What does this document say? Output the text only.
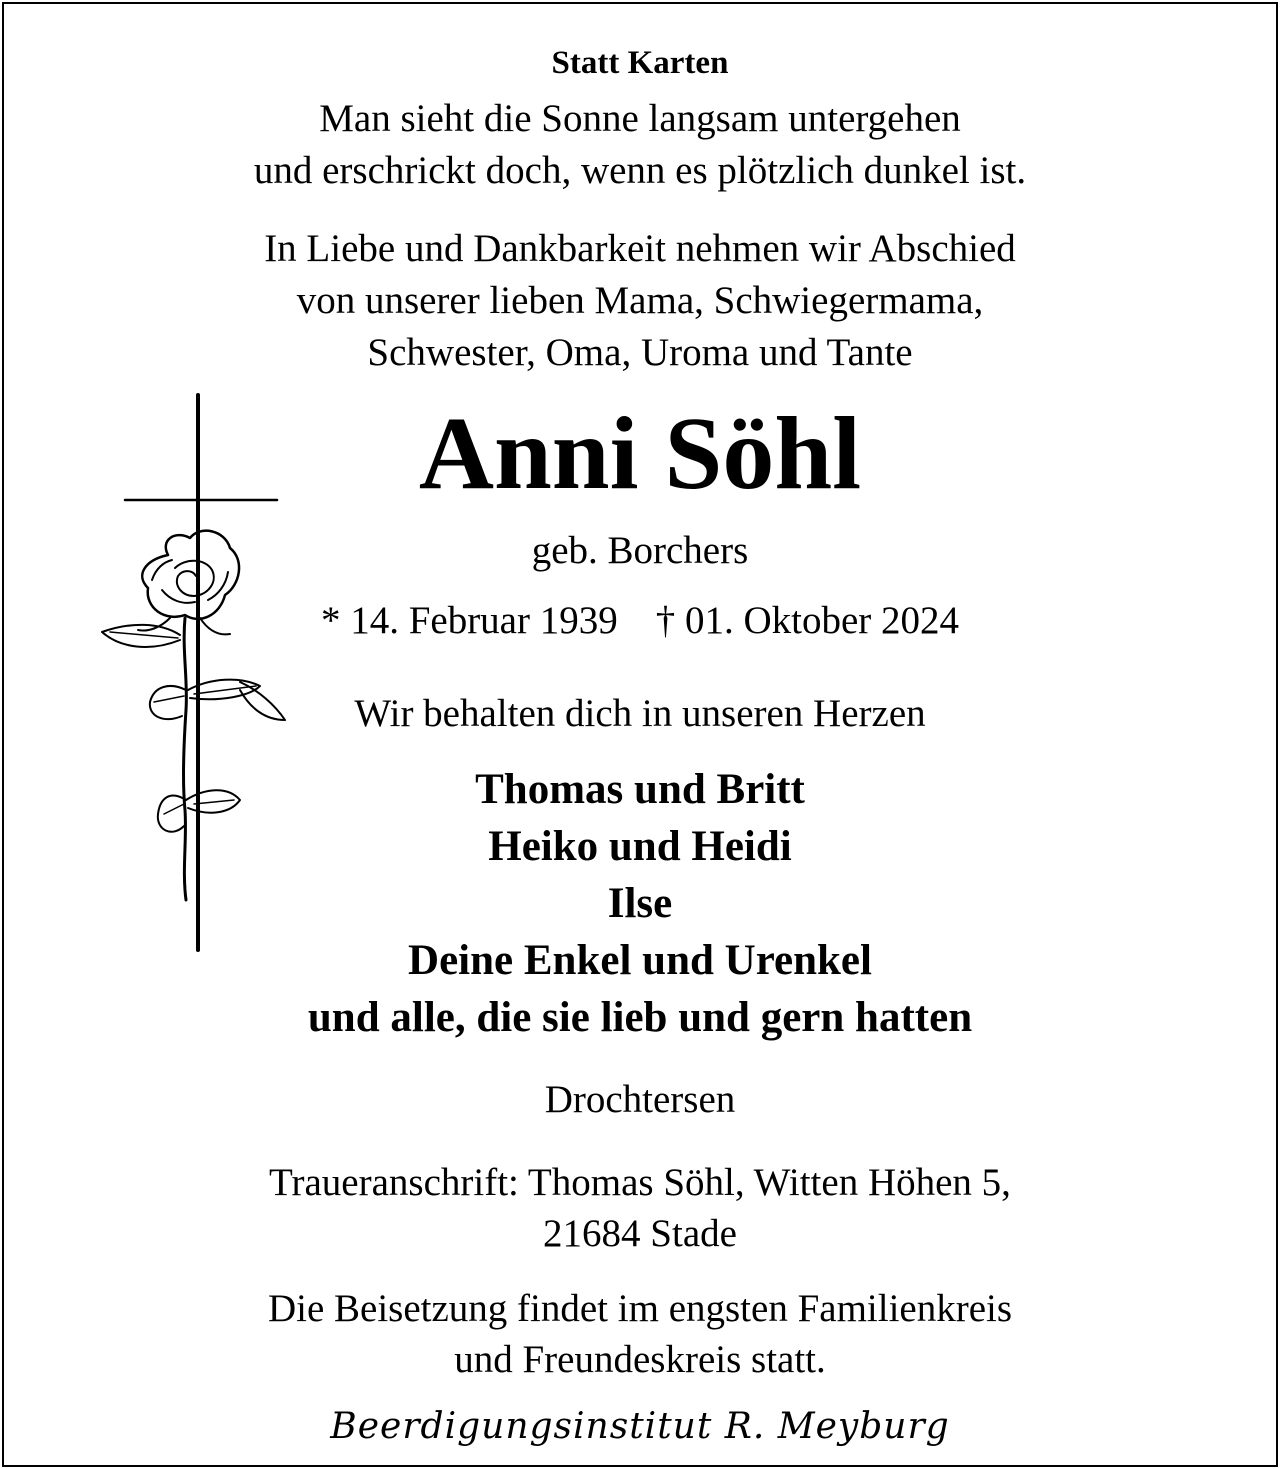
Statt Karten
Man sieht die Sonne langsam untergehen
und erschrickt doch, wenn es plötzlich dunkel ist.
In Liebe und Dankbarkeit nehmen wir Abschied
von unserer lieben Mama, Schwiegermama,
Schwester, Oma, Uroma und Tante
Anni Söhl
geb. Borchers
* 14. Februar 1939 † 01. Oktober 2024
Wir behalten dich in unseren Herzen
Thomas und Britt
Heiko und Heidi
Ilse
Deine Enkel und Urenkel
und alle, die sie lieb und gern hatten
Drochtersen
Traueranschrift: Thomas Söhl, Witten Höhen 5,
21684 Stade
Die Beisetzung findet im engsten Familienkreis
und Freundeskreis statt.
Beerdigungsinstitut R. Meyburg
